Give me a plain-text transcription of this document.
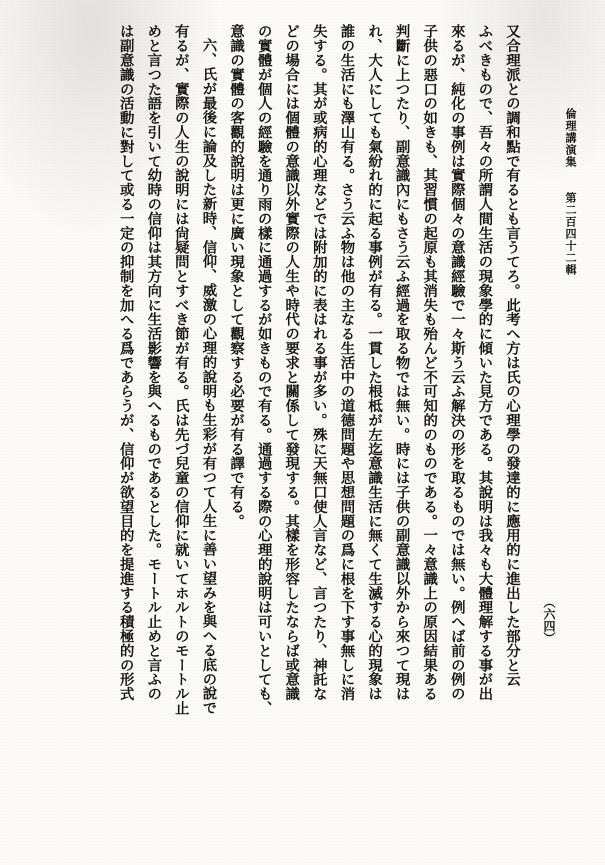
倫理講演集　　第二百四十二輯
（六四）
又合理派との調和點で有るとも言うてろ。此考へ方は氏の心理學の發達的に應用的に進出した部分と云
ふべきもので、吾々の所謂人間生活の現象學的に傾いた見方である。其說明は我々も大體理解する事が出
來るが、純化の事例は實際個々の意識經驗で一々斯う云ふ解決の形を取るものでは無い。例へば前の例の
子供の惡口の如きも、其習慣の起原も其消失も殆んど不可知的のものである。一々意識上の原因結果ある
判斷に上つたり、副意識內にもさう云ふ經過を取る物では無い。時には子供の副意識以外から來つて現は
れ、大人にしても氣紛れ的に起る事例が有る。一貫した根柢が左迄意識生活に無くて生滅する心的現象は
誰の生活にも澤山有る。さう云ふ物は他の主なる生活中の道德問題や思想問題の爲に根を下す事無しに消
失する。其が或病的心理などでは附加的に表はれる事が多い。殊に天無口使人言など、言つたり、神託な
どの場合には個體の意識以外實際の人生や時代の要求と關係して發現する。其樣を形容したならば或意識
の實體が個人の經驗を通り雨の樣に通過するが如きもので有る。通過する際の心理的說明は可いとしても、
意識の實體の客觀的說明は更に廣い現象として觀察する必要が有る譯で有る。
六、氏が最後に論及した新時、信仰、威激の心理的說明も生彩が有つて人生に善い望みを與へる底の說で
有るが、實際の人生の說明には尙疑問とすべき節が有る。氏は先づ兒童の信仰に就いてホルトのモートル止
めと言つた語を引いて幼時の信仰は其方向に生活影響を與へるものであるとした。モートル止めと言ふの
は副意識の活動に對して或る一定の抑制を加へる爲であらうが、信仰が欲望目的を提進する積極的の形式
